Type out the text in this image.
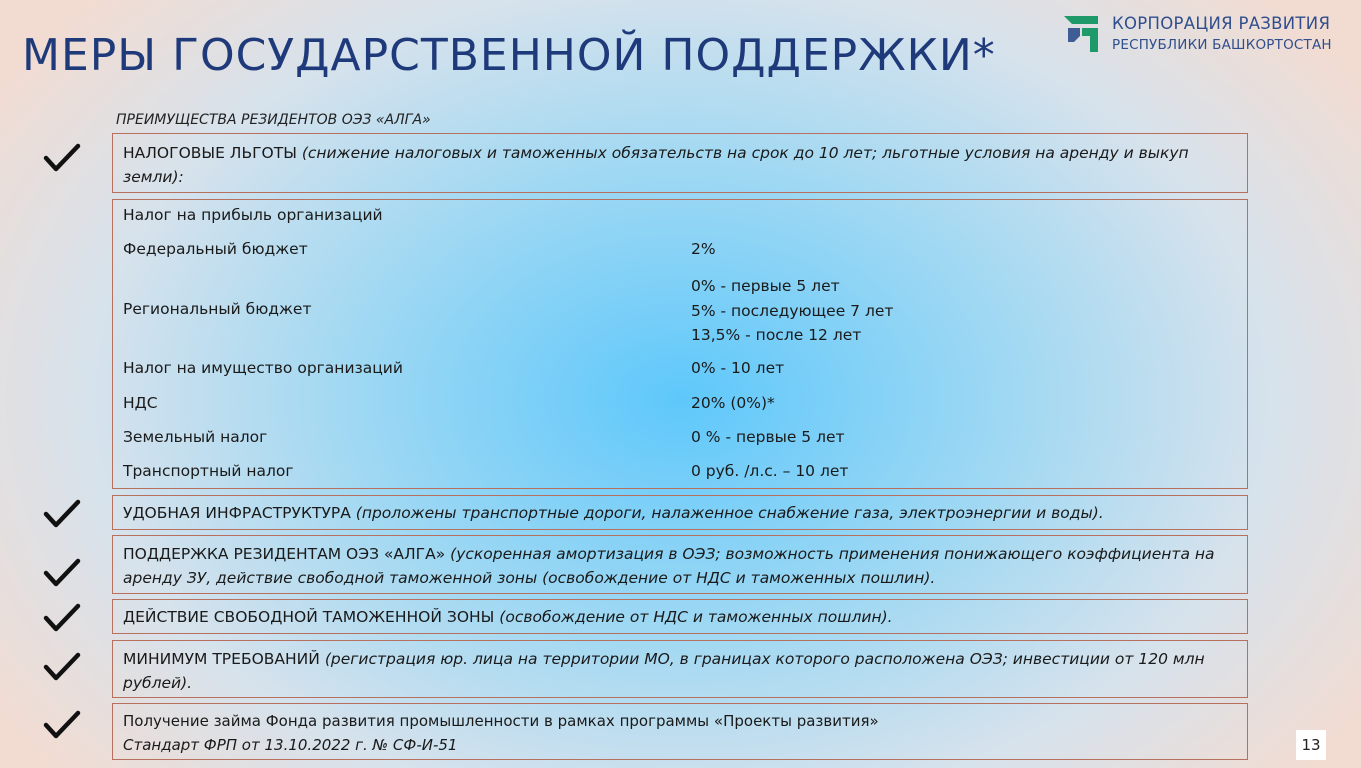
МЕРЫ ГОСУДАРСТВЕННОЙ ПОДДЕРЖКИ*
КОРПОРАЦИЯ РАЗВИТИЯ
РЕСПУБЛИКИ БАШКОРТОСТАН
ПРЕИМУЩЕСТВА РЕЗИДЕНТОВ ОЭЗ «АЛГА»
НАЛОГОВЫЕ ЛЬГОТЫ (снижение налоговых и таможенных обязательств на срок до 10 лет; льготные условия на аренду и выкуп земли):
Налог на прибыль организаций
Федеральный бюджет	2%
Региональный бюджет
0% - первые 5 лет
5% - последующее 7 лет
13,5% - после 12 лет
Налог на имущество организаций	0% - 10 лет
НДС	20% (0%)*
Земельный налог	0 % - первые 5 лет
Транспортный налог	0 руб. /л.с. – 10 лет
УДОБНАЯ ИНФРАСТРУКТУРА (проложены транспортные дороги, налаженное снабжение газа, электроэнергии и воды).
ПОДДЕРЖКА РЕЗИДЕНТАМ ОЭЗ «АЛГА» (ускоренная амортизация в ОЭЗ; возможность применения понижающего коэффициента на аренду ЗУ, действие свободной таможенной зоны (освобождение от НДС и таможенных пошлин).
ДЕЙСТВИЕ СВОБОДНОЙ ТАМОЖЕННОЙ ЗОНЫ (освобождение от НДС и таможенных пошлин).
МИНИМУМ ТРЕБОВАНИЙ (регистрация юр. лица на территории МО, в границах которого расположена ОЭЗ; инвестиции от 120 млн рублей).
Получение займа Фонда развития промышленности в рамках программы «Проекты развития»
Стандарт ФРП от 13.10.2022 г. № СФ-И-51	13
